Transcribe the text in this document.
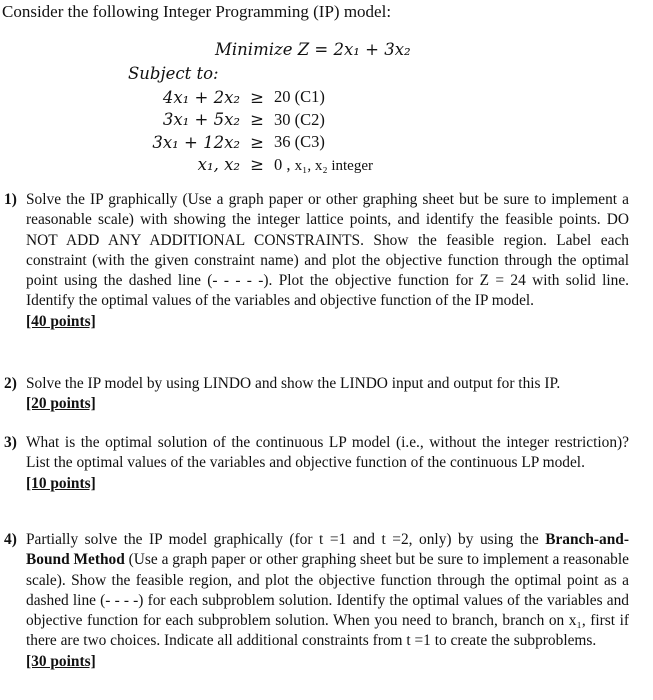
Consider the following Integer Programming (IP) model:
Minimize Z = 2x₁ + 3x₂
Subject to:
4x₁ + 2x₂	≥	20 (C1)
3x₁ + 5x₂	≥	30 (C2)
3x₁ + 12x₂	≥	36 (C3)
x₁, x₂	≥	0 , x₁, x₂ integer
1) Solve the IP graphically (Use a graph paper or other graphing sheet but be sure to implement a reasonable scale) with showing the integer lattice points, and identify the feasible points. DO NOT ADD ANY ADDITIONAL CONSTRAINTS. Show the feasible region. Label each constraint (with the given constraint name) and plot the objective function through the optimal point using the dashed line (- - - - -). Plot the objective function for Z = 24 with solid line. Identify the optimal values of the variables and objective function of the IP model.
[40 points]
2) Solve the IP model by using LINDO and show the LINDO input and output for this IP.
[20 points]
3) What is the optimal solution of the continuous LP model (i.e., without the integer restriction)? List the optimal values of the variables and objective function of the continuous LP model.
[10 points]
4) Partially solve the IP model graphically (for t =1 and t =2, only) by using the Branch-and-Bound Method (Use a graph paper or other graphing sheet but be sure to implement a reasonable scale). Show the feasible region, and plot the objective function through the optimal point as a dashed line (- - - -) for each subproblem solution. Identify the optimal values of the variables and objective function for each subproblem solution. When you need to branch, branch on x₁, first if there are two choices. Indicate all additional constraints from t =1 to create the subproblems.
[30 points]
